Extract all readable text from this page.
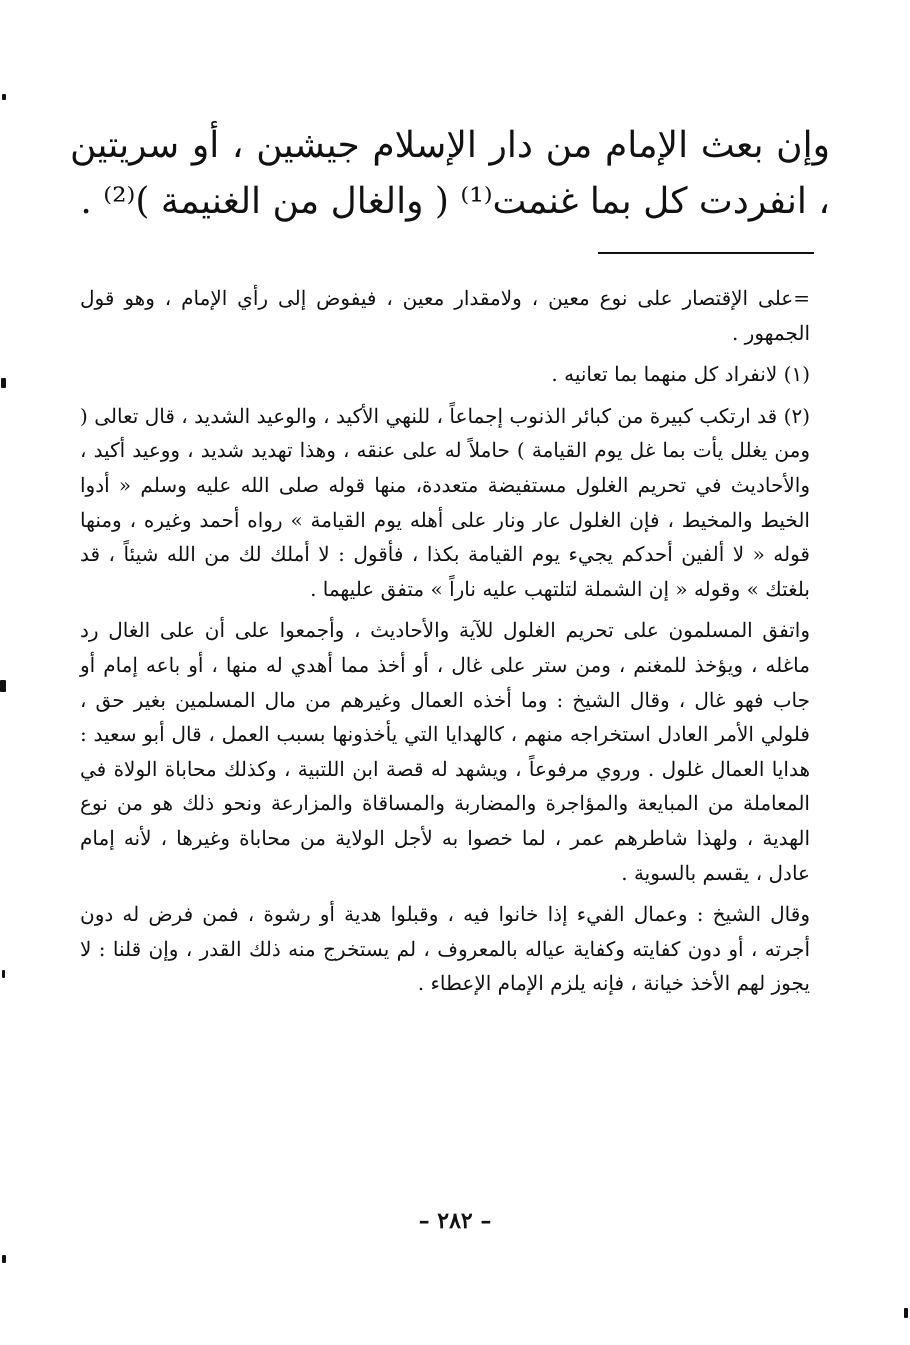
وإن بعث الإمام من دار الإسلام جيشين ، أو سريتين ، انفردت كل بما غنمت⁽¹⁾ ( والغال من الغنيمة )⁽²⁾ .

=على الإقتصار على نوع معين ، ولامقدار معين ، فيفوض إلى رأي الإمام ، وهو قول الجمهور .

(١) لانفراد كل منهما بما تعانيه .

(٢) قد ارتكب كبيرة من كبائر الذنوب إجماعاً ، للنهي الأكيد ، والوعيد الشديد ، قال تعالى ( ومن يغلل يأت بما غل يوم القيامة ) حاملاً له على عنقه ، وهذا تهديد شديد ، ووعيد أكيد ، والأحاديث في تحريم الغلول مستفيضة متعددة، منها قوله صلى الله عليه وسلم « أدوا الخيط والمخيط ، فإن الغلول عار ونار على أهله يوم القيامة » رواه أحمد وغيره ، ومنها قوله « لا ألفين أحدكم يجيء يوم القيامة بكذا ، فأقول : لا أملك لك من الله شيئاً ، قد بلغتك » وقوله « إن الشملة لتلتهب عليه ناراً » متفق عليهما .

واتفق المسلمون على تحريم الغلول للآية والأحاديث ، وأجمعوا على أن على الغال رد ماغله ، ويؤخذ للمغنم ، ومن ستر على غال ، أو أخذ مما أهدي له منها ، أو باعه إمام أو جاب فهو غال ، وقال الشيخ : وما أخذه العمال وغيرهم من مال المسلمين بغير حق ، فلولي الأمر العادل استخراجه منهم ، كالهدايا التي يأخذونها بسبب العمل ، قال أبو سعيد : هدايا العمال غلول . وروي مرفوعاً ، ويشهد له قصة ابن اللتبية ، وكذلك محاباة الولاة في المعاملة من المبايعة والمؤاجرة والمضاربة والمساقاة والمزارعة ونحو ذلك هو من نوع الهدية ، ولهذا شاطرهم عمر ، لما خصوا به لأجل الولاية من محاباة وغيرها ، لأنه إمام عادل ، يقسم بالسوية .

وقال الشيخ : وعمال الفيء إذا خانوا فيه ، وقبلوا هدية أو رشوة ، فمن فرض له دون أجرته ، أو دون كفايته وكفاية عياله بالمعروف ، لم يستخرج منه ذلك القدر ، وإن قلنا : لا يجوز لهم الأخذ خيانة ، فإنه يلزم الإمام الإعطاء .

– ٢٨٢ –
